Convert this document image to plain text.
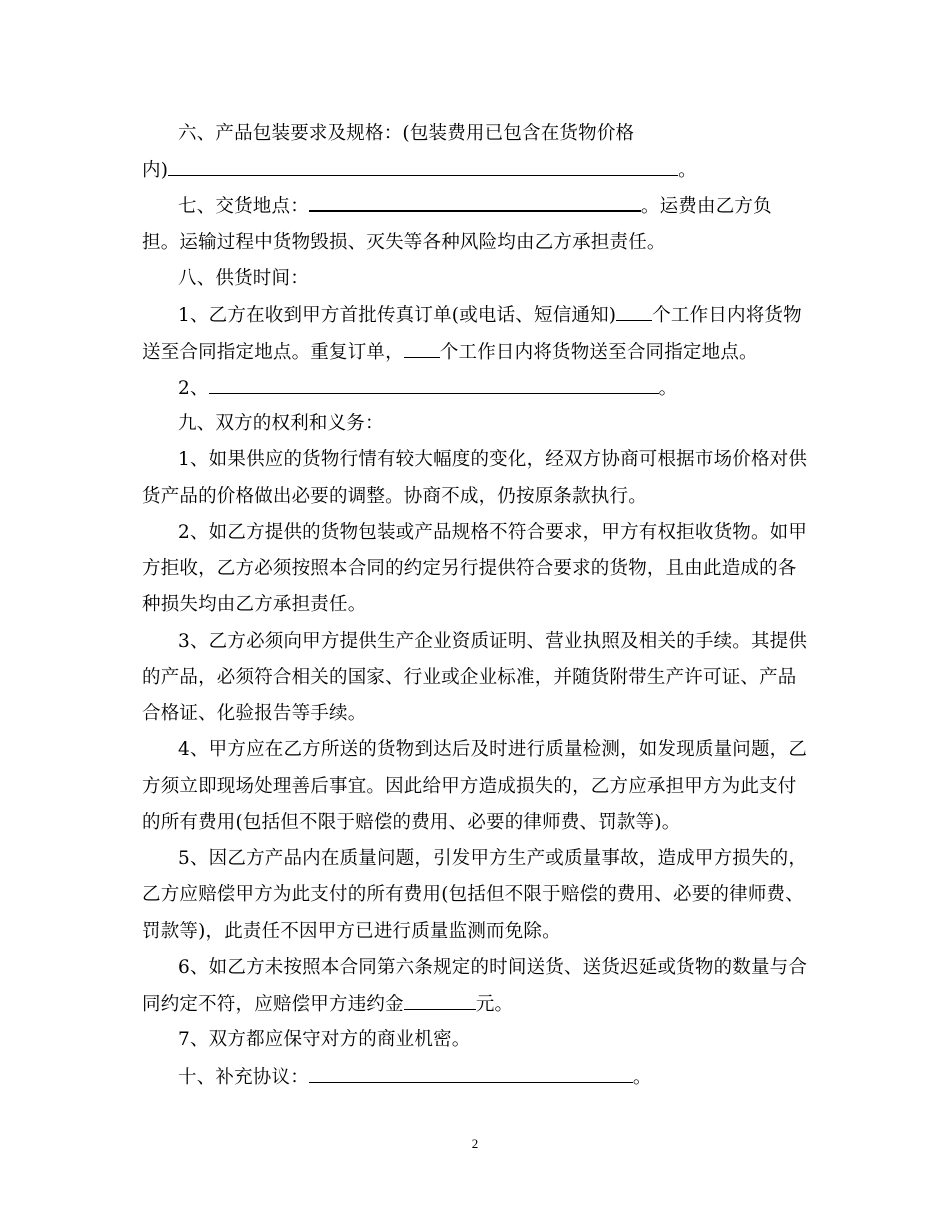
六、产品包装要求及规格：(包装费用已包含在货物价格
内)	。
七、交货地点：	。运费由乙方负
担。运输过程中货物毁损、灭失等各种风险均由乙方承担责任。
八、供货时间：
1、乙方在收到甲方首批传真订单(或电话、短信通知) 个工作日内将货物
送至合同指定地点。重复订单， 个工作日内将货物送至合同指定地点。
2、	。
九、双方的权利和义务：
1、如果供应的货物行情有较大幅度的变化，经双方协商可根据市场价格对供
货产品的价格做出必要的调整。协商不成，仍按原条款执行。
2、如乙方提供的货物包装或产品规格不符合要求，甲方有权拒收货物。如甲
方拒收，乙方必须按照本合同的约定另行提供符合要求的货物，且由此造成的各
种损失均由乙方承担责任。
3、乙方必须向甲方提供生产企业资质证明、营业执照及相关的手续。其提供
的产品，必须符合相关的国家、行业或企业标准，并随货附带生产许可证、产品
合格证、化验报告等手续。
4、甲方应在乙方所送的货物到达后及时进行质量检测，如发现质量问题，乙
方须立即现场处理善后事宜。因此给甲方造成损失的，乙方应承担甲方为此支付
的所有费用(包括但不限于赔偿的费用、必要的律师费、罚款等)。
5、因乙方产品内在质量问题，引发甲方生产或质量事故，造成甲方损失的，
乙方应赔偿甲方为此支付的所有费用(包括但不限于赔偿的费用、必要的律师费、
罚款等)，此责任不因甲方已进行质量监测而免除。
6、如乙方未按照本合同第六条规定的时间送货、送货迟延或货物的数量与合
同约定不符，应赔偿甲方违约金	元。
7、双方都应保守对方的商业机密。
十、补充协议：	。
2
